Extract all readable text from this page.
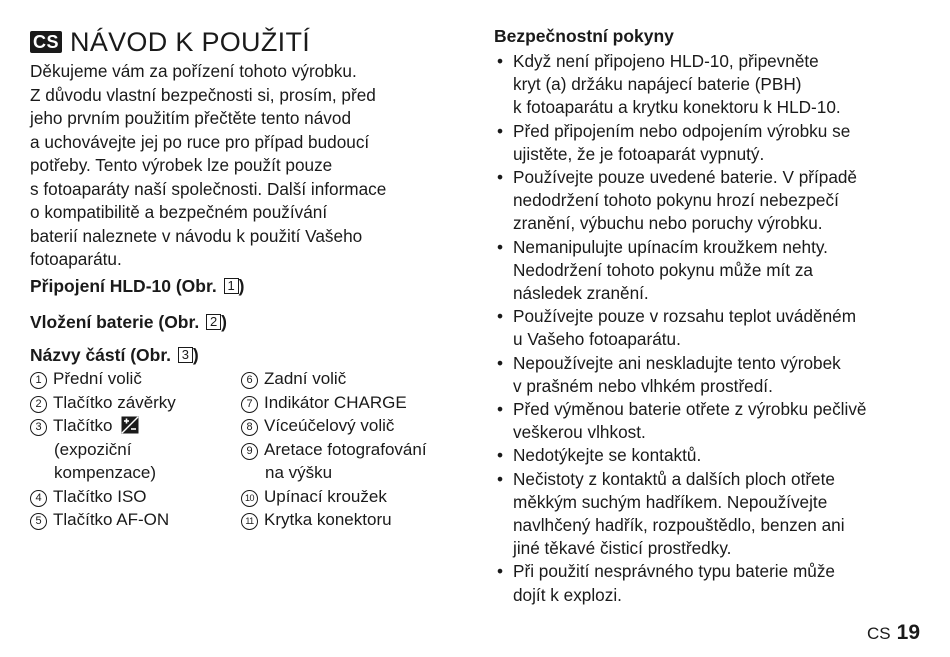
CS NÁVOD K POUŽITÍ
Děkujeme vám za pořízení tohoto výrobku.
Z důvodu vlastní bezpečnosti si, prosím, před
jeho prvním použitím přečtěte tento návod
a uchovávejte jej po ruce pro případ budoucí
potřeby. Tento výrobek lze použít pouze
s fotoaparáty naší společnosti. Další informace
o kompatibilitě a bezpečném používání
baterií naleznete v návodu k použití Vašeho
fotoaparátu.
Připojení HLD-10 (Obr. 1 )
Vložení baterie (Obr. 2 )
Názvy částí (Obr. 3 )
1 Přední volič
2 Tlačítko závěrky
3 Tlačítko
(expoziční
kompenzace)
4 Tlačítko ISO
5 Tlačítko AF-ON
6 Zadní volič
7 Indikátor CHARGE
8 Víceúčelový volič
9 Aretace fotografování
na výšku
10 Upínací kroužek
11 Krytka konektoru
Bezpečnostní pokyny
• Když není připojeno HLD-10, připevněte
kryt (a) držáku napájecí baterie (PBH)
k fotoaparátu a krytku konektoru k HLD-10.
• Před připojením nebo odpojením výrobku se
ujistěte, že je fotoaparát vypnutý.
• Používejte pouze uvedené baterie. V případě
nedodržení tohoto pokynu hrozí nebezpečí
zranění, výbuchu nebo poruchy výrobku.
• Nemanipulujte upínacím kroužkem nehty.
Nedodržení tohoto pokynu může mít za
následek zranění.
• Používejte pouze v rozsahu teplot uváděném
u Vašeho fotoaparátu.
• Nepoužívejte ani neskladujte tento výrobek
v prašném nebo vlhkém prostředí.
• Před výměnou baterie otřete z výrobku pečlivě
veškerou vlhkost.
• Nedotýkejte se kontaktů.
• Nečistoty z kontaktů a dalších ploch otřete
měkkým suchým hadříkem. Nepoužívejte
navlhčený hadřík, rozpouštědlo, benzen ani
jiné těkavé čisticí prostředky.
• Při použití nesprávného typu baterie může
dojít k explozi.
CS 19
